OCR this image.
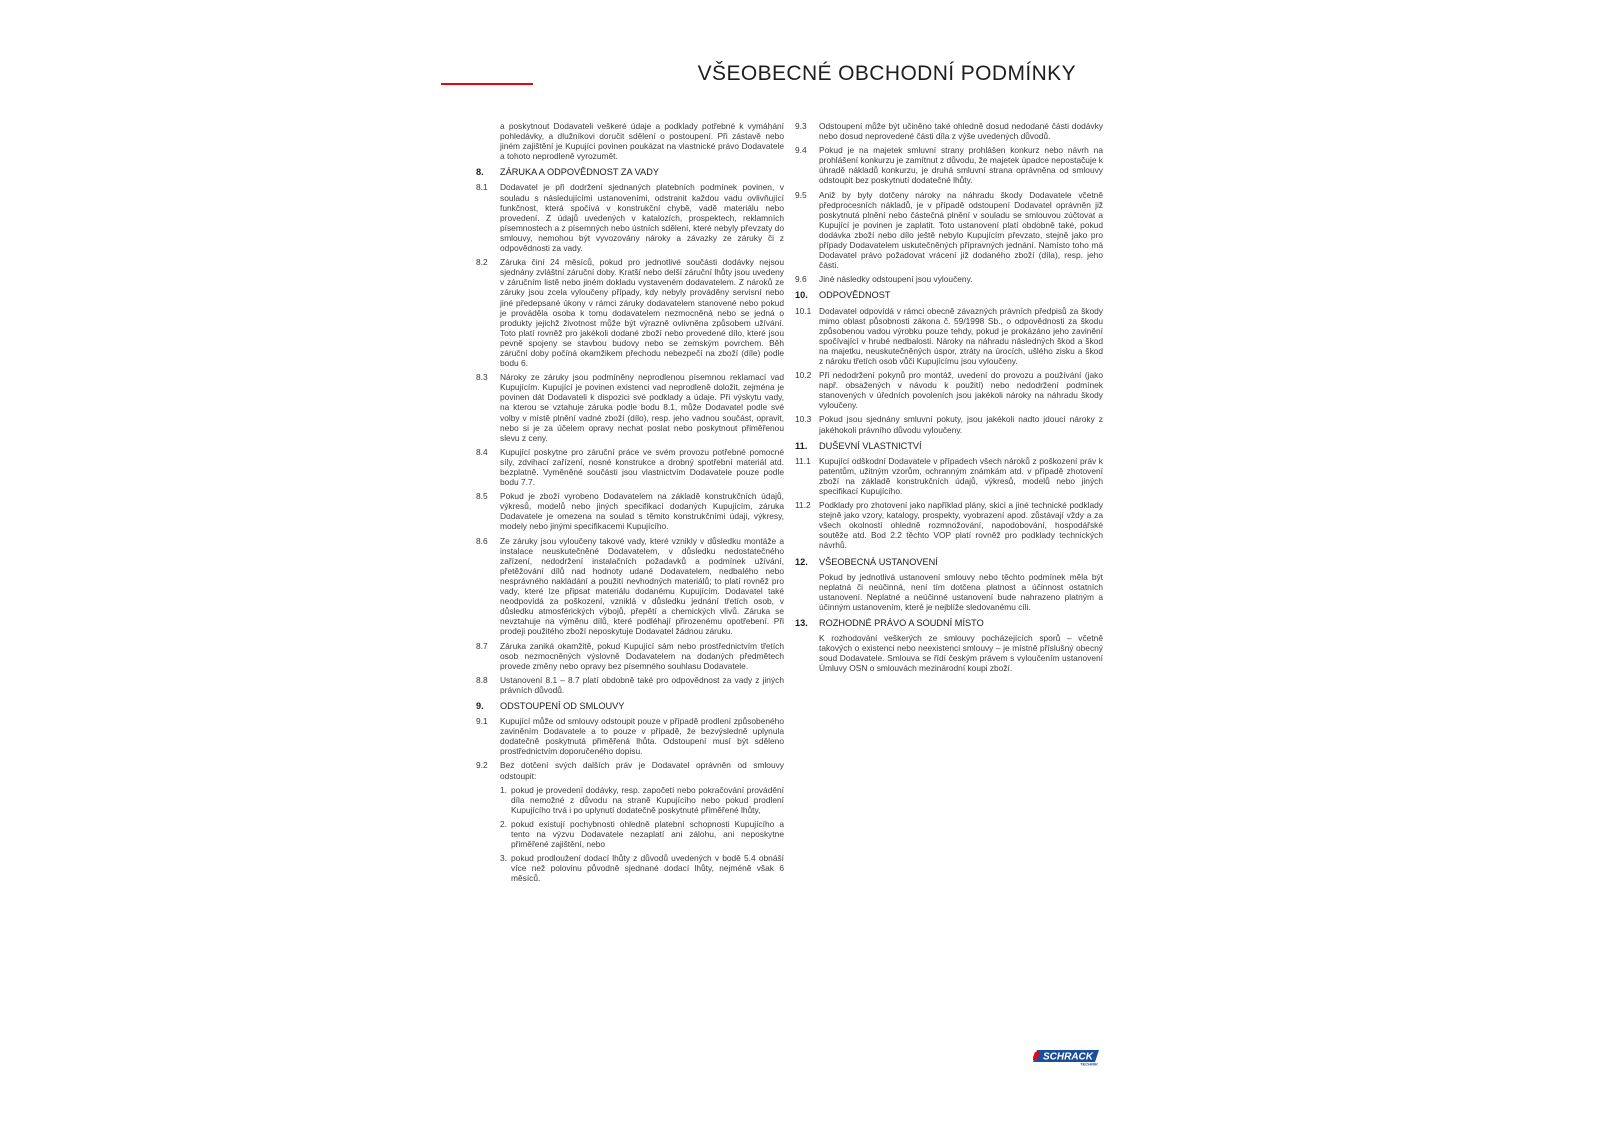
VŠEOBECNÉ OBCHODNÍ PODMÍNKY
a poskytnout Dodavateli veškeré údaje a podklady potřebné k vymáhání pohledávky, a dlužníkovi doručit sdělení o postoupení. Při zástavě nebo jiném zajištění je Kupující povinen poukázat na vlastnické právo Dodavatele a tohoto neprodleně vyrozumět.
8.	ZÁRUKA A ODPOVĚDNOST ZA VADY
8.1	Dodavatel je při dodržení sjednaných platebních podmínek povinen, v souladu s následujícími ustanoveními, odstranit každou vadu ovlivňující funkčnost, která spočívá v konstrukční chybě, vadě materiálu nebo provedení. Z údajů uvedených v katalozích, prospektech, reklamních písemnostech a z písemných nebo ústních sdělení, které nebyly převzaty do smlouvy, nemohou být vyvozovány nároky a závazky ze záruky či z odpovědnosti za vady.
8.2	Záruka činí 24 měsíců, pokud pro jednotlivé součásti dodávky nejsou sjednány zvláštní záruční doby. Kratší nebo delší záruční lhůty jsou uvedeny v záručním listě nebo jiném dokladu vystaveném dodavatelem. Z nároků ze záruky jsou zcela vyloučeny případy, kdy nebyly prováděny servisní nebo jiné předepsané úkony v rámci záruky dodavatelem stanovené nebo pokud je prováděla osoba k tomu dodavatelem nezmocněná nebo se jedná o produkty jejichž životnost může být výrazně ovlivněna způsobem užívání. Toto platí rovněž pro jakékoli dodané zboží nebo provedené dílo, které jsou pevně spojeny se stavbou budovy nebo se zemským povrchem. Běh záruční doby počíná okamžikem přechodu nebezpečí na zboží (díle) podle bodu 6.
8.3	Nároky ze záruky jsou podmíněny neprodlenou písemnou reklamací vad Kupujícím. Kupující je povinen existenci vad neprodleně doložit, zejména je povinen dát Dodavateli k dispozici své podklady a údaje. Při výskytu vady, na kterou se vztahuje záruka podle bodu 8.1, může Dodavatel podle své volby v místě plnění vadné zboží (dílo), resp. jeho vadnou součást, opravit, nebo si je za účelem opravy nechat poslat nebo poskytnout přiměřenou slevu z ceny.
8.4	Kupující poskytne pro záruční práce ve svém provozu potřebné pomocné síly, zdvihací zařízení, nosné konstrukce a drobný spotřební materiál atd. bezplatně. Vyměněné součásti jsou vlastnictvím Dodavatele pouze podle bodu 7.7.
8.5	Pokud je zboží vyrobeno Dodavatelem na základě konstrukčních údajů, výkresů, modelů nebo jiných specifikací dodaných Kupujícím, záruka Dodavatele je omezena na soulad s těmito konstrukčními údaji, výkresy, modely nebo jinými specifikacemi Kupujícího.
8.6	Ze záruky jsou vyloučeny takové vady, které vznikly v důsledku montáže a instalace neuskutečněné Dodavatelem, v důsledku nedostatečného zařízení, nedodržení instalačních požadavků a podmínek užívání, přetěžování dílů nad hodnoty udané Dodavatelem, nedbalého nebo nesprávného nakládání a použití nevhodných materiálů; to platí rovněž pro vady, které lze připsat materiálu dodanému Kupujícím. Dodavatel také neodpovídá za poškození, vzniklá v důsledku jednání třetích osob, v důsledku atmosférických výbojů, přepětí a chemických vlivů. Záruka se nevztahuje na výměnu dílů, které podléhají přirozenému opotřebení. Při prodeji použitého zboží neposkytuje Dodavatel žádnou záruku.
8.7	Záruka zaniká okamžitě, pokud Kupující sám nebo prostřednictvím třetích osob nezmocněných výslovně Dodavatelem na dodaných předmětech provede změny nebo opravy bez písemného souhlasu Dodavatele.
8.8	Ustanovení 8.1 – 8.7 platí obdobně také pro odpovědnost za vady z jiných právních důvodů.
9.	ODSTOUPENÍ OD SMLOUVY
9.1	Kupující může od smlouvy odstoupit pouze v případě prodlení způsobeného zaviněním Dodavatele a to pouze v případě, že bezvýsledně uplynula dodatečně poskytnutá přiměřená lhůta. Odstoupení musí být sděleno prostřednictvím doporučeného dopisu.
9.2	Bez dotčení svých dalších práv je Dodavatel oprávněn od smlouvy odstoupit:
1. pokud je provedení dodávky, resp. započetí nebo pokračování provádění díla nemožné z důvodu na straně Kupujícího nebo pokud prodlení Kupujícího trvá i po uplynutí dodatečně poskytnuté přiměřené lhůty,
2. pokud existují pochybnosti ohledně platební schopnosti Kupujícího a tento na výzvu Dodavatele nezaplatí ani zálohu, ani neposkytne přiměřené zajištění, nebo
3. pokud prodloužení dodací lhůty z důvodů uvedených v bodě 5.4 obnáší více než polovinu původně sjednané dodací lhůty, nejméně však 6 měsíců.
9.3	Odstoupení může být učiněno také ohledně dosud nedodané části dodávky nebo dosud neprovedené části díla z výše uvedených důvodů.
9.4	Pokud je na majetek smluvní strany prohlášen konkurz nebo návrh na prohlášení konkurzu je zamítnut z důvodu, že majetek úpadce nepostačuje k úhradě nákladů konkurzu, je druhá smluvní strana oprávněna od smlouvy odstoupit bez poskytnutí dodatečné lhůty.
9.5	Aniž by byly dotčeny nároky na náhradu škody Dodavatele včetně předprocesních nákladů, je v případě odstoupení Dodavatel oprávněn již poskytnutá plnění nebo částečná plnění v souladu se smlouvou zúčtovat a Kupující je povinen je zaplatit. Toto ustanovení platí obdobně také, pokud dodávka zboží nebo dílo ještě nebylo Kupujícím převzato, stejně jako pro případy Dodavatelem uskutečněných přípravných jednání. Namísto toho má Dodavatel právo požadovat vrácení již dodaného zboží (díla), resp. jeho části.
9.6	Jiné následky odstoupení jsou vyloučeny.
10.	ODPOVĚDNOST
10.1 Dodavatel odpovídá v rámci obecně závazných právních předpisů za škody mimo oblast působnosti zákona č. 59/1998 Sb., o odpovědnosti za škodu způsobenou vadou výrobku pouze tehdy, pokud je prokázáno jeho zavinění spočívající v hrubé nedbalosti. Nároky na náhradu následných škod a škod na majetku, neuskutečněných úspor, ztráty na úrocích, ušlého zisku a škod z nároku třetích osob vůči Kupujícímu jsou vyloučeny.
10.2 Při nedodržení pokynů pro montáž, uvedení do provozu a používání (jako např. obsažených v návodu k použití) nebo nedodržení podmínek stanovených v úředních povoleních jsou jakékoli nároky na náhradu škody vyloučeny.
10.3 Pokud jsou sjednány smluvní pokuty, jsou jakékoli nadto jdoucí nároky z jakéhokoli právního důvodu vyloučeny.
11.	DUŠEVNÍ VLASTNICTVÍ
11.1 Kupující odškodní Dodavatele v případech všech nároků z poškození práv k patentům, užitným vzorům, ochranným známkám atd. v případě zhotovení zboží na základě konstrukčních údajů, výkresů, modelů nebo jiných specifikací Kupujícího.
11.2 Podklady pro zhotovení jako například plány, skici a jiné technické podklady stejně jako vzory, katalogy, prospekty, vyobrazení apod. zůstávají vždy a za všech okolností ohledně rozmnožování, napodobování, hospodářské soutěže atd. Bod 2.2 těchto VOP platí rovněž pro podklady technických návrhů.
12.	VŠEOBECNÁ USTANOVENÍ
Pokud by jednotlivá ustanovení smlouvy nebo těchto podmínek měla být neplatná či neúčinná, není tím dotčena platnost a účinnost ostatních ustanovení. Neplatné a neúčinné ustanovení bude nahrazeno platným a účinným ustanovením, které je nejblíže sledovanému cíli.
13.	ROZHODNÉ PRÁVO A SOUDNÍ MÍSTO
K rozhodování veškerých ze smlouvy pocházejících sporů – včetně takových o existenci nebo neexistenci smlouvy – je místně příslušný obecný soud Dodavatele. Smlouva se řídí českým právem s vyloučením ustanovení Úmluvy OSN o smlouvách mezinárodní koupi zboží.
SCHRACK
TECHNIK
